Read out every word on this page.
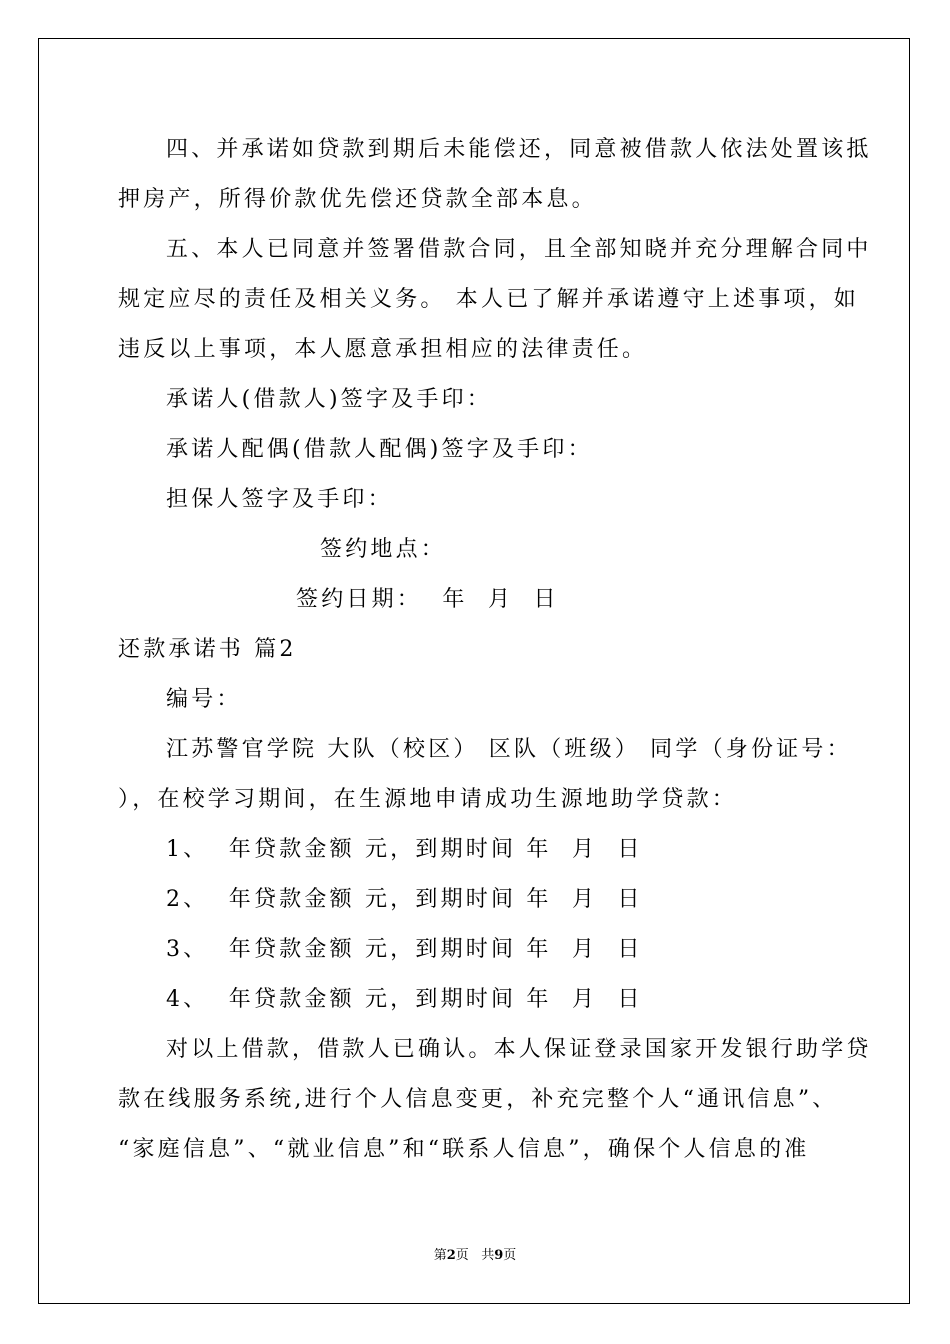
四、并承诺如贷款到期后未能偿还，同意被借款人依法处置该抵
押房产，所得价款优先偿还贷款全部本息。
五、本人已同意并签署借款合同，且全部知晓并充分理解合同中
规定应尽的责任及相关义务。 本人已了解并承诺遵守上述事项，如
违反以上事项，本人愿意承担相应的法律责任。
承诺人(借款人)签字及手印：
承诺人配偶(借款人配偶)签字及手印：
担保人签字及手印：
签约地点：
签约日期：  年  月  日
还款承诺书 篇2
编号：
江苏警官学院 大队（校区） 区队（班级） 同学（身份证号：
），在校学习期间，在生源地申请成功生源地助学贷款：
1、  年贷款金额 元，到期时间 年  月  日
2、  年贷款金额 元，到期时间 年  月  日
3、  年贷款金额 元，到期时间 年  月  日
4、  年贷款金额 元，到期时间 年  月  日
对以上借款，借款人已确认。本人保证登录国家开发银行助学贷
款在线服务系统,进行个人信息变更，补充完整个人“通讯信息”、
“家庭信息”、“就业信息”和“联系人信息”，确保个人信息的准
第2页 共9页
